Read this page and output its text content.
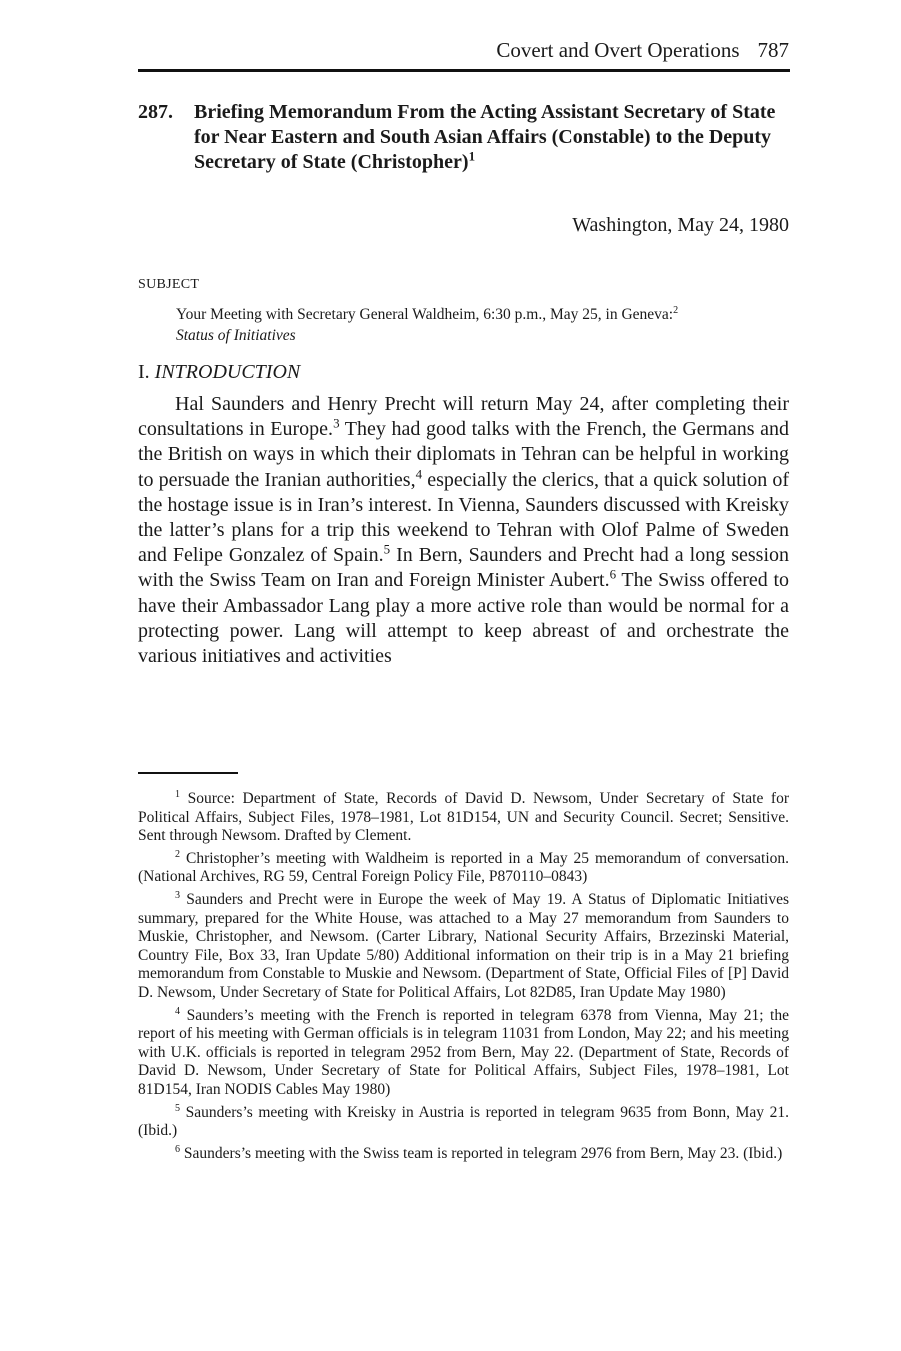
Covert and Overt Operations 787
287. Briefing Memorandum From the Acting Assistant Secretary of State for Near Eastern and South Asian Affairs (Constable) to the Deputy Secretary of State (Christopher)$^1$
Washington, May 24, 1980
SUBJECT
Your Meeting with Secretary General Waldheim, 6:30 p.m., May 25, in Geneva:$^2$
Status of Initiatives
I. INTRODUCTION

Hal Saunders and Henry Precht will return May 24, after completing their consultations in Europe.$^3$ They had good talks with the French, the Germans and the British on ways in which their diplomats in Tehran can be helpful in working to persuade the Iranian authorities,$^4$ especially the clerics, that a quick solution of the hostage issue is in Iran’s interest. In Vienna, Saunders discussed with Kreisky the latter’s plans for a trip this weekend to Tehran with Olof Palme of Sweden and Felipe Gonzalez of Spain.$^5$ In Bern, Saunders and Precht had a long session with the Swiss Team on Iran and Foreign Minister Aubert.$^6$ The Swiss offered to have their Ambassador Lang play a more active role than would be normal for a protecting power. Lang will attempt to keep abreast of and orchestrate the various initiatives and activities

$^1$ Source: Department of State, Records of David D. Newsom, Under Secretary of State for Political Affairs, Subject Files, 1978–1981, Lot 81D154, UN and Security Council. Secret; Sensitive. Sent through Newsom. Drafted by Clement.

$^2$ Christopher’s meeting with Waldheim is reported in a May 25 memorandum of conversation. (National Archives, RG 59, Central Foreign Policy File, P870110–0843)

$^3$ Saunders and Precht were in Europe the week of May 19. A Status of Diplomatic Initiatives summary, prepared for the White House, was attached to a May 27 memorandum from Saunders to Muskie, Christopher, and Newsom. (Carter Library, National Security Affairs, Brzezinski Material, Country File, Box 33, Iran Update 5/80) Additional information on their trip is in a May 21 briefing memorandum from Constable to Muskie and Newsom. (Department of State, Official Files of [P] David D. Newsom, Under Secretary of State for Political Affairs, Lot 82D85, Iran Update May 1980)

$^4$ Saunders’s meeting with the French is reported in telegram 6378 from Vienna, May 21; the report of his meeting with German officials is in telegram 11031 from London, May 22; and his meeting with U.K. officials is reported in telegram 2952 from Bern, May 22. (Department of State, Records of David D. Newsom, Under Secretary of State for Political Affairs, Subject Files, 1978–1981, Lot 81D154, Iran NODIS Cables May 1980)

$^5$ Saunders’s meeting with Kreisky in Austria is reported in telegram 9635 from Bonn, May 21. (Ibid.)

$^6$ Saunders’s meeting with the Swiss team is reported in telegram 2976 from Bern, May 23. (Ibid.)
